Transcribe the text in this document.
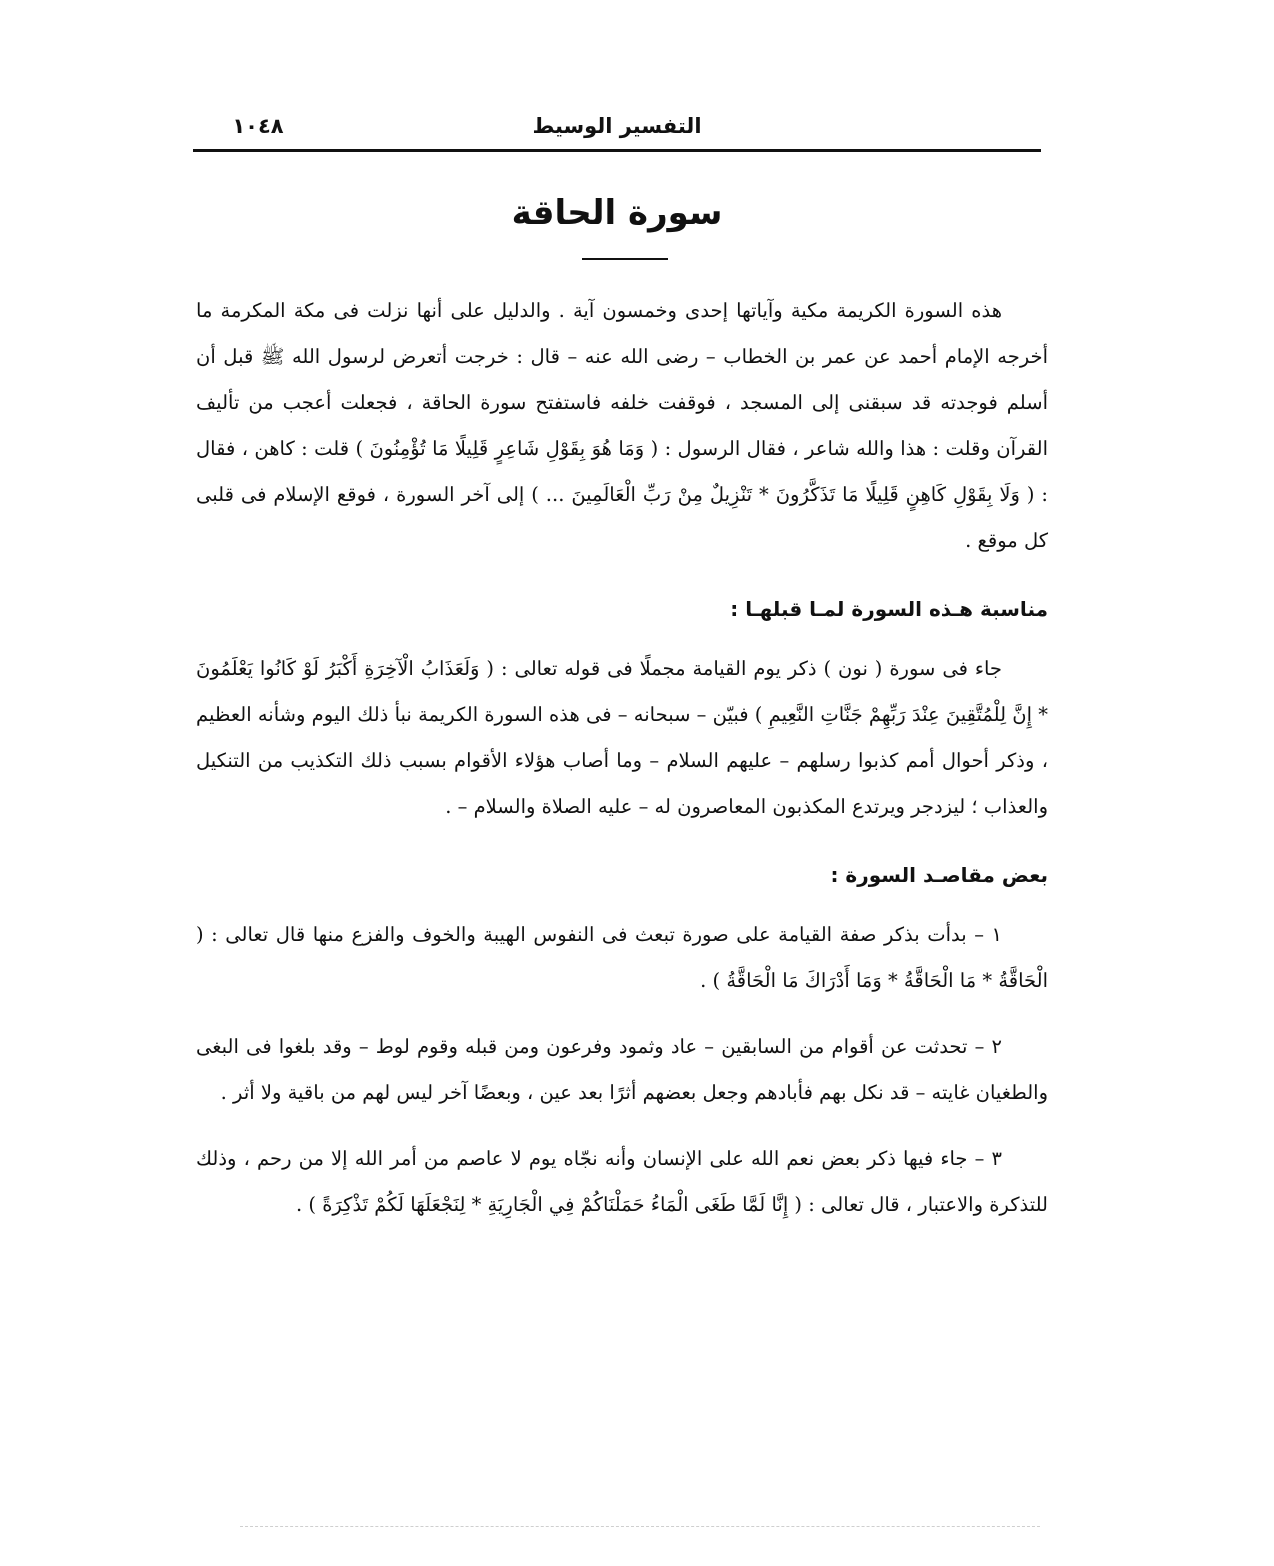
التفسير الوسيط
١٠٤٨
سورة الحاقة

هذه السورة الكريمة مكية وآياتها إحدى وخمسون آية . والدليل على أنها نزلت فى مكة المكرمة ما أخرجه الإمام أحمد عن عمر بن الخطاب – رضى الله عنه – قال : خرجت أتعرض لرسول الله ﷺ قبل أن أسلم فوجدته قد سبقنى إلى المسجد ، فوقفت خلفه فاستفتح سورة الحاقة ، فجعلت أعجب من تأليف القرآن وقلت : هذا والله شاعر ، فقال الرسول : ( وَمَا هُوَ بِقَوْلِ شَاعِرٍ قَلِيلًا مَا تُؤْمِنُونَ ) قلت : كاهن ، فقال : ( وَلَا بِقَوْلِ كَاهِنٍ قَلِيلًا مَا تَذَكَّرُونَ * تَنْزِيلٌ مِنْ رَبِّ الْعَالَمِينَ ... ) إلى آخر السورة ، فوقع الإسلام فى قلبى كل موقع .

مناسبة هـذه السورة لمـا قبلهـا :

جاء فى سورة ( نون ) ذكر يوم القيامة مجملًا فى قوله تعالى : ( وَلَعَذَابُ الْآخِرَةِ أَكْبَرُ لَوْ كَانُوا يَعْلَمُونَ * إِنَّ لِلْمُتَّقِينَ عِنْدَ رَبِّهِمْ جَنَّاتِ النَّعِيمِ ) فبيّن – سبحانه – فى هذه السورة الكريمة نبأ ذلك اليوم وشأنه العظيم ، وذكر أحوال أمم كذبوا رسلهم – عليهم السلام – وما أصاب هؤلاء الأقوام بسبب ذلك التكذيب من التنكيل والعذاب ؛ ليزدجر ويرتدع المكذبون المعاصرون له – عليه الصلاة والسلام – .

بعض مقاصـد السورة :

١ – بدأت بذكر صفة القيامة على صورة تبعث فى النفوس الهيبة والخوف والفزع منها قال تعالى : ( الْحَاقَّةُ * مَا الْحَاقَّةُ * وَمَا أَدْرَاكَ مَا الْحَاقَّةُ ) .

٢ – تحدثت عن أقوام من السابقين – عاد وثمود وفرعون ومن قبله وقوم لوط – وقد بلغوا فى البغى والطغيان غايته – قد نكل بهم فأبادهم وجعل بعضهم أثرًا بعد عين ، وبعضًا آخر ليس لهم من باقية ولا أثر .

٣ – جاء فيها ذكر بعض نعم الله على الإنسان وأنه نجّاه يوم لا عاصم من أمر الله إلا من رحم ، وذلك للتذكرة والاعتبار ، قال تعالى : ( إِنَّا لَمَّا طَغَى الْمَاءُ حَمَلْنَاكُمْ فِي الْجَارِيَةِ * لِنَجْعَلَهَا لَكُمْ تَذْكِرَةً ) .
